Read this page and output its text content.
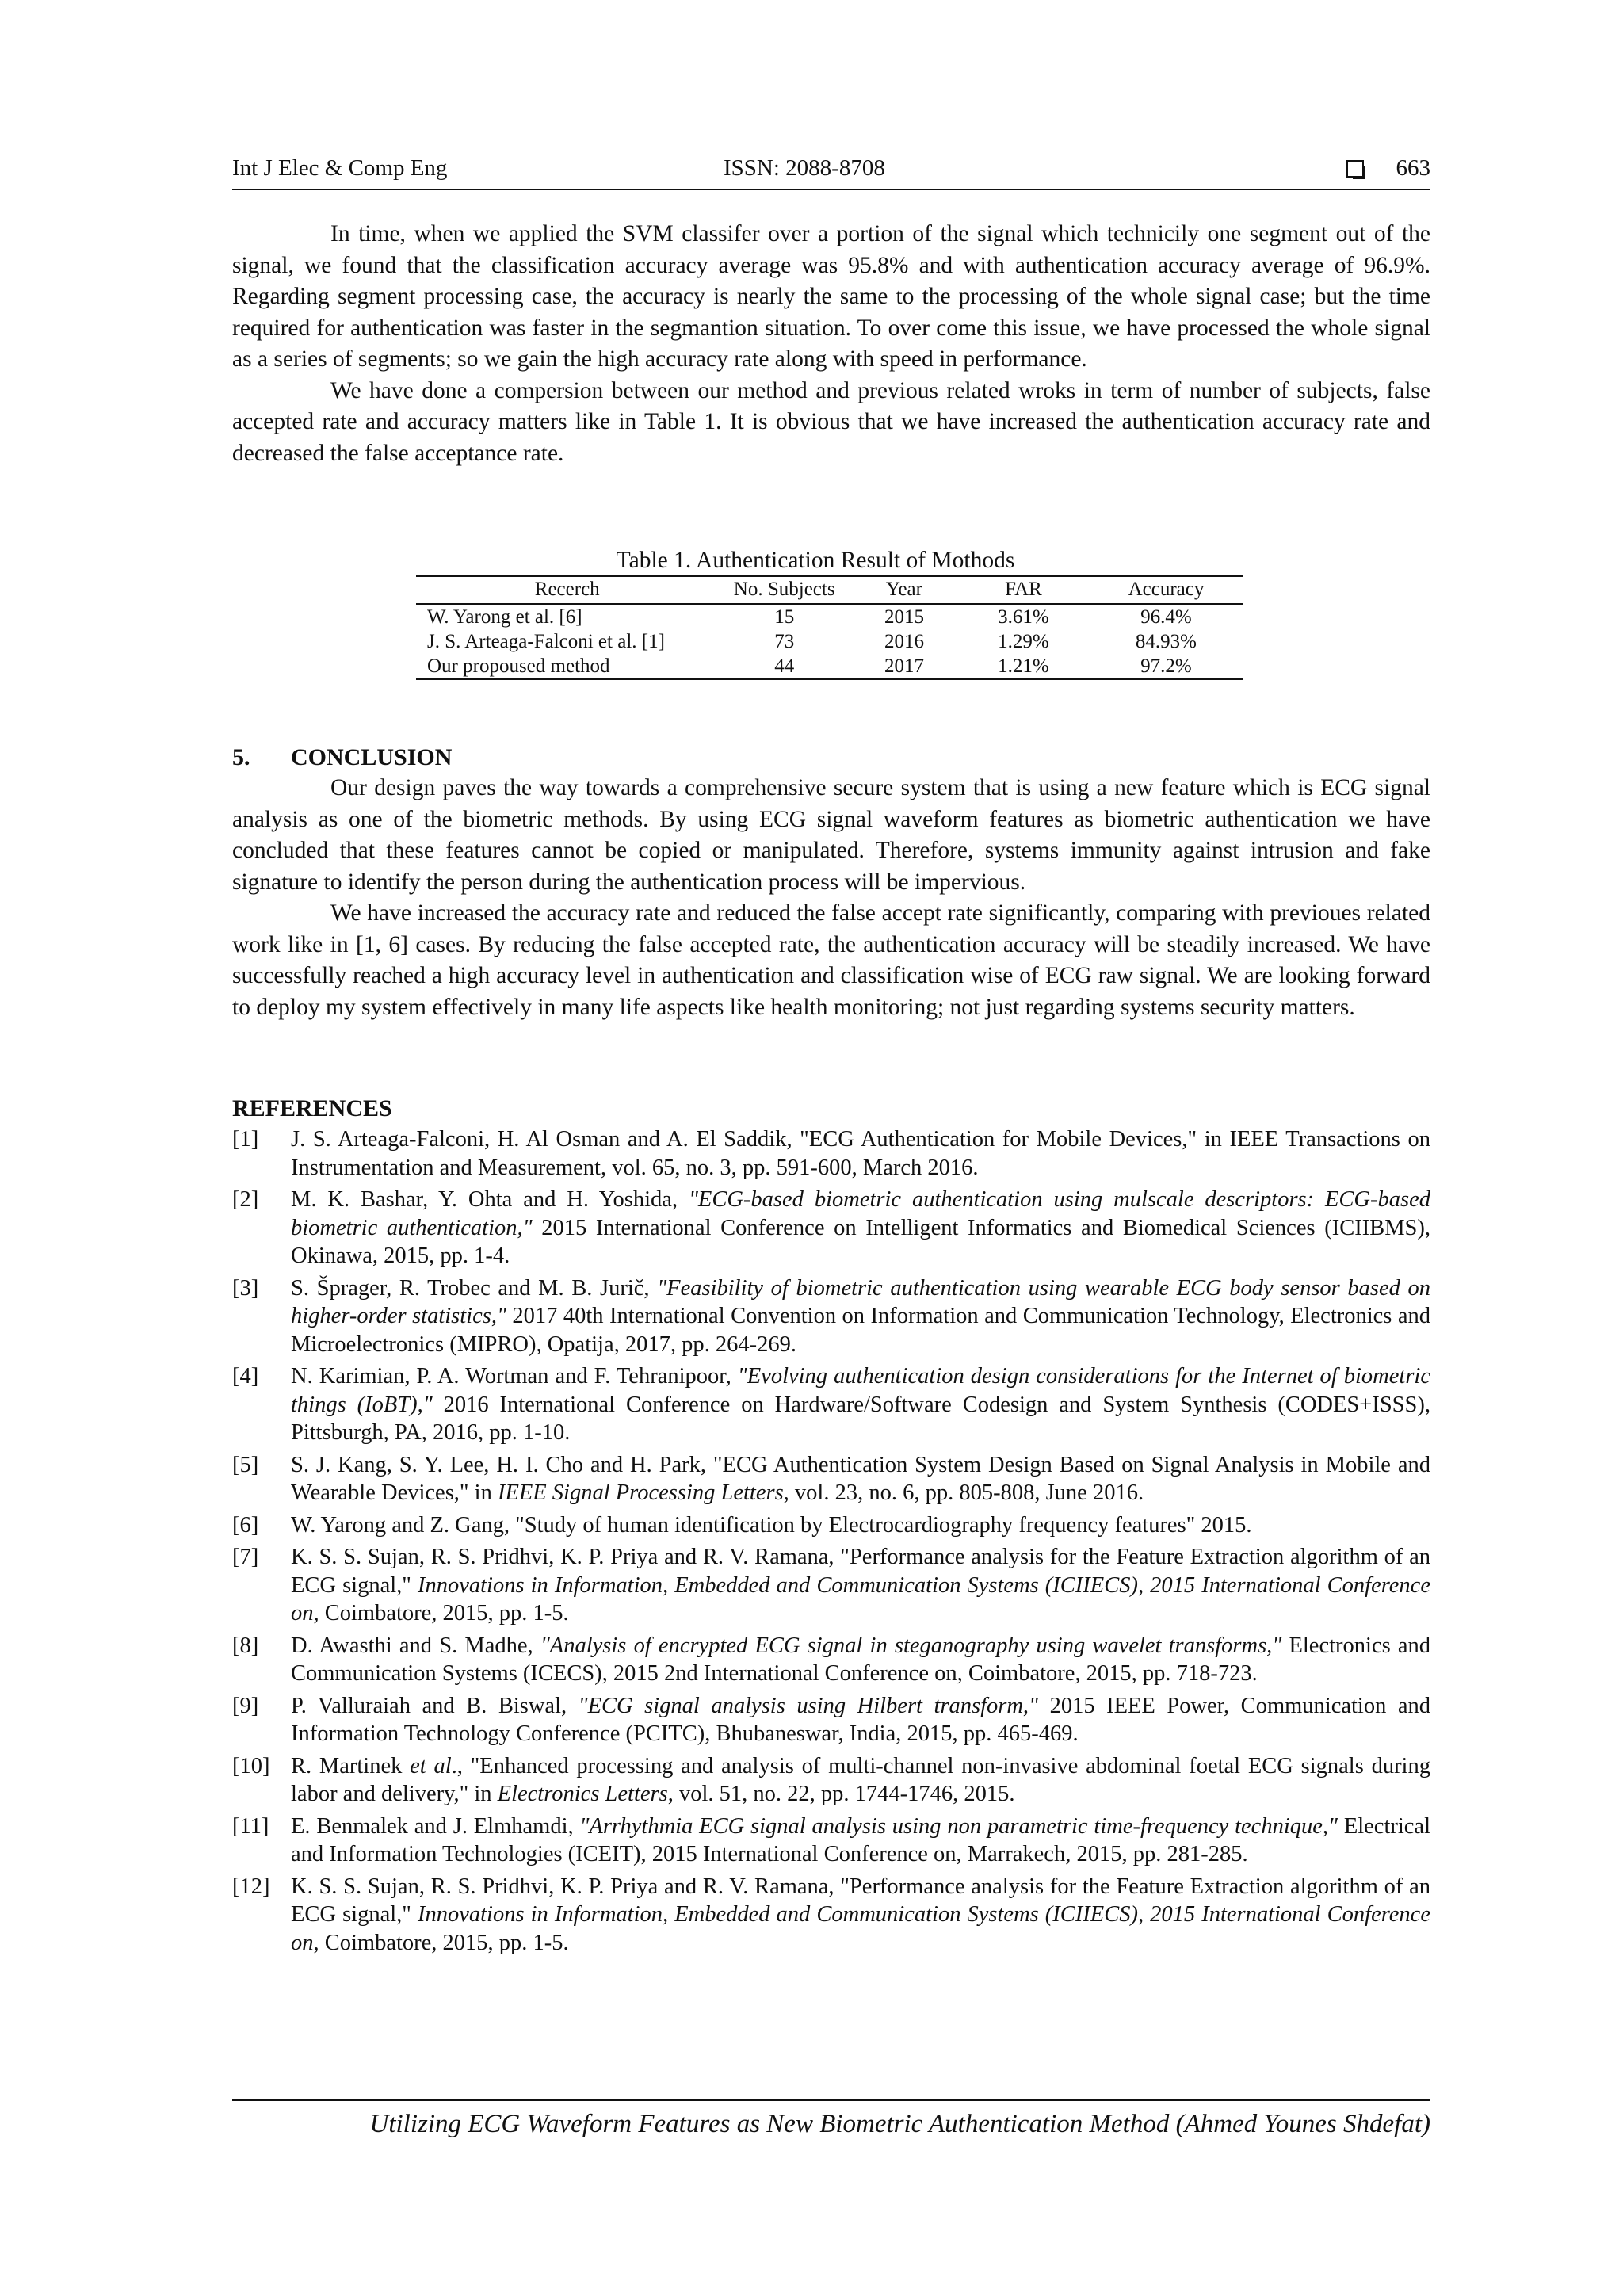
Int J Elec & Comp Eng	ISSN: 2088-8708	663

In time, when we applied the SVM classifer over a portion of the signal which technicily one segment out of the signal, we found that the classification accuracy average was 95.8% and with authentication accuracy average of 96.9%. Regarding segment processing case, the accuracy is nearly the same to the processing of the whole signal case; but the time required for authentication was faster in the segmantion situation. To over come this issue, we have processed the whole signal as a series of segments; so we gain the high accuracy rate along with speed in performance.

We have done a compersion between our method and previous related wroks in term of number of subjects, false accepted rate and accuracy matters like in Table 1. It is obvious that we have increased the authentication accuracy rate and decreased the false acceptance rate.

Table 1. Authentication Result of Mothods
Recerch	No. Subjects	Year	FAR	Accuracy
W. Yarong et al. [6]	15	2015	3.61%	96.4%
J. S. Arteaga-Falconi et al. [1]	73	2016	1.29%	84.93%
Our propoused method	44	2017	1.21%	97.2%
5. CONCLUSION

Our design paves the way towards a comprehensive secure system that is using a new feature which is ECG signal analysis as one of the biometric methods. By using ECG signal waveform features as biometric authentication we have concluded that these features cannot be copied or manipulated. Therefore, systems immunity against intrusion and fake signature to identify the person during the authentication process will be impervious.

We have increased the accuracy rate and reduced the false accept rate significantly, comparing with previoues related work like in [1, 6] cases. By reducing the false accepted rate, the authentication accuracy will be steadily increased. We have successfully reached a high accuracy level in authentication and classification wise of ECG raw signal. We are looking forward to deploy my system effectively in many life aspects like health monitoring; not just regarding systems security matters.

REFERENCES
[1] J. S. Arteaga-Falconi, H. Al Osman and A. El Saddik, "ECG Authentication for Mobile Devices," in IEEE Transactions on Instrumentation and Measurement, vol. 65, no. 3, pp. 591-600, March 2016.
[2] M. K. Bashar, Y. Ohta and H. Yoshida, "ECG-based biometric authentication using mulscale descriptors: ECG-based biometric authentication," 2015 International Conference on Intelligent Informatics and Biomedical Sciences (ICIIBMS), Okinawa, 2015, pp. 1-4.
[3] S. Šprager, R. Trobec and M. B. Jurič, "Feasibility of biometric authentication using wearable ECG body sensor based on higher-order statistics," 2017 40th International Convention on Information and Communication Technology, Electronics and Microelectronics (MIPRO), Opatija, 2017, pp. 264-269.
[4] N. Karimian, P. A. Wortman and F. Tehranipoor, "Evolving authentication design considerations for the Internet of biometric things (IoBT)," 2016 International Conference on Hardware/Software Codesign and System Synthesis (CODES+ISSS), Pittsburgh, PA, 2016, pp. 1-10.
[5] S. J. Kang, S. Y. Lee, H. I. Cho and H. Park, "ECG Authentication System Design Based on Signal Analysis in Mobile and Wearable Devices," in IEEE Signal Processing Letters, vol. 23, no. 6, pp. 805-808, June 2016.
[6] W. Yarong and Z. Gang, "Study of human identification by Electrocardiography frequency features" 2015.
[7] K. S. S. Sujan, R. S. Pridhvi, K. P. Priya and R. V. Ramana, "Performance analysis for the Feature Extraction algorithm of an ECG signal," Innovations in Information, Embedded and Communication Systems (ICIIECS), 2015 International Conference on, Coimbatore, 2015, pp. 1-5.
[8] D. Awasthi and S. Madhe, "Analysis of encrypted ECG signal in steganography using wavelet transforms," Electronics and Communication Systems (ICECS), 2015 2nd International Conference on, Coimbatore, 2015, pp. 718-723.
[9] P. Valluraiah and B. Biswal, "ECG signal analysis using Hilbert transform," 2015 IEEE Power, Communication and Information Technology Conference (PCITC), Bhubaneswar, India, 2015, pp. 465-469.
[10] R. Martinek et al., "Enhanced processing and analysis of multi-channel non-invasive abdominal foetal ECG signals during labor and delivery," in Electronics Letters, vol. 51, no. 22, pp. 1744-1746, 2015.
[11] E. Benmalek and J. Elmhamdi, "Arrhythmia ECG signal analysis using non parametric time-frequency technique," Electrical and Information Technologies (ICEIT), 2015 International Conference on, Marrakech, 2015, pp. 281-285.
[12] K. S. S. Sujan, R. S. Pridhvi, K. P. Priya and R. V. Ramana, "Performance analysis for the Feature Extraction algorithm of an ECG signal," Innovations in Information, Embedded and Communication Systems (ICIIECS), 2015 International Conference on, Coimbatore, 2015, pp. 1-5.
Utilizing ECG Waveform Features as New Biometric Authentication Method (Ahmed Younes Shdefat)
